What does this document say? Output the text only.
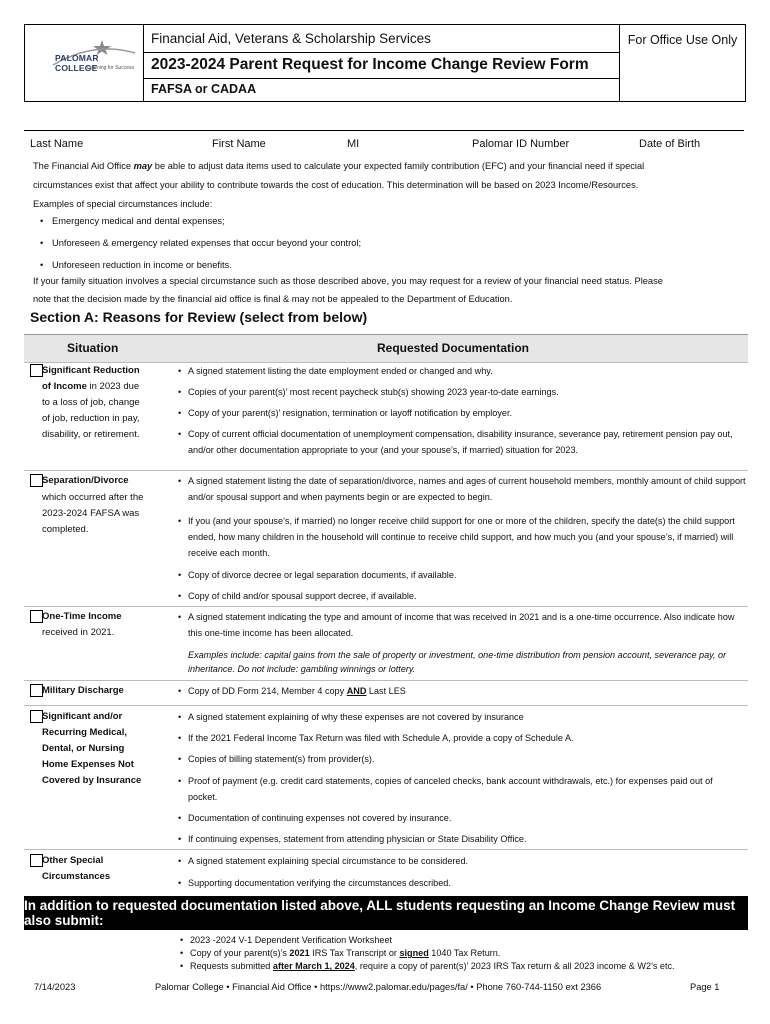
PALOMAR COLLEGE
Learning for Success
Financial Aid, Veterans & Scholarship Services
2023-2024 Parent Request for Income Change Review Form
FAFSA or CADAA
For Office Use Only
Last Name	First Name	MI	Palomar ID Number	Date of Birth
The Financial Aid Office may be able to adjust data items used to calculate your expected family contribution (EFC) and your financial need if special
circumstances exist that affect your ability to contribute towards the cost of education. This determination will be based on 2023 Income/Resources.
Examples of special circumstances include:
• Emergency medical and dental expenses;
• Unforeseen & emergency related expenses that occur beyond your control;
• Unforeseen reduction in income or benefits.
If your family situation involves a special circumstance such as those described above, you may request for a review of your financial need status. Please
note that the decision made by the financial aid office is final & may not be appealed to the Department of Education.
Section A: Reasons for Review (select from below)
Situation	Requested Documentation
Significant Reduction of Income in 2023 due to a loss of job, change of job, reduction in pay, disability, or retirement.
• A signed statement listing the date employment ended or changed and why.
• Copies of your parent(s)’ most recent paycheck stub(s) showing 2023 year-to-date earnings.
• Copy of your parent(s)’ resignation, termination or layoff notification by employer.
• Copy of current official documentation of unemployment compensation, disability insurance, severance pay, retirement pension pay out, and/or other documentation appropriate to your (and your spouse’s, if married) situation for 2023.
Separation/Divorce
which occurred after the 2023-2024 FAFSA was completed.
• A signed statement listing the date of separation/divorce, names and ages of current household members, monthly amount of child support and/or spousal support and when payments begin or are expected to begin.
• If you (and your spouse’s, if married) no longer receive child support for one or more of the children, specify the date(s) the child support ended, how many children in the household will continue to receive child support, and how much you (and your spouse’s, if married) will receive each month.
• Copy of divorce decree or legal separation documents, if available.
• Copy of child and/or spousal support decree, if available.
One-Time Income
received in 2021.
• A signed statement indicating the type and amount of income that was received in 2021 and is a one-time occurrence. Also indicate how this one-time income has been allocated.
Examples include: capital gains from the sale of property or investment, one-time distribution from pension account, severance pay, or inheritance. Do not include: gambling winnings or lottery.
Military Discharge
•	Copy of DD Form 214, Member 4 copy AND Last LES
Significant and/or Recurring Medical, Dental, or Nursing Home Expenses Not Covered by Insurance
• A signed statement explaining of why these expenses are not covered by insurance
• If the 2021 Federal Income Tax Return was filed with Schedule A, provide a copy of Schedule A.
• Copies of billing statement(s) from provider(s).
• Proof of payment (e.g. credit card statements, copies of canceled checks, bank account withdrawals, etc.) for expenses paid out of pocket.
• Documentation of continuing expenses not covered by insurance.
• If continuing expenses, statement from attending physician or State Disability Office.
Other Special Circumstances
• A signed statement explaining special circumstance to be considered.
• Supporting documentation verifying the circumstances described.
In addition to requested documentation listed above, ALL students requesting an Income Change Review must also submit:
• 2023 -2024 V-1 Dependent Verification Worksheet
• Copy of your parent(s)’s 2021 IRS Tax Transcript or signed 1040 Tax Return.
• Requests submitted after March 1, 2024, require a copy of parent(s)’ 2023 IRS Tax return & all 2023 income & W2’s etc.
7/14/2023	Palomar College • Financial Aid Office • https://www2.palomar.edu/pages/fa/ • Phone 760-744-1150 ext 2366	Page 1
